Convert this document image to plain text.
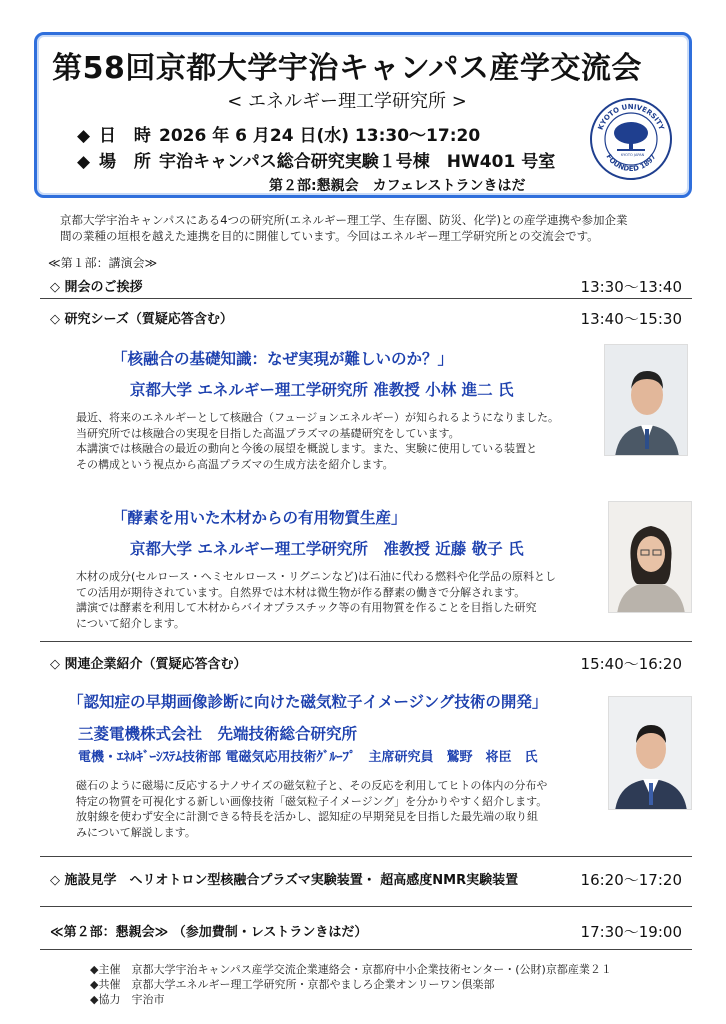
第58回京都大学宇治キャンパス産学交流会
< エネルギー理工学研究所 >
◆ 日 時 2026 年 6 月24 日(水) 13:30～17:20
◆ 場 所 宇治キャンパス総合研究実験１号棟　HW401 号室
第２部:懇親会　カフェレストランきはだ
KYOTO UNIVERSITY
FOUNDED 1897
KYOTO JAPAN
京都大学宇治キャンパスにある4つの研究所(エネルギー理工学、生存圏、防災、化学)との産学連携や参加企業
間の業種の垣根を越えた連携を目的に開催しています。今回はエネルギー理工学研究所との交流会です。
≪第１部：講演会≫
◇ 開会のご挨拶	13:30～13:40
◇ 研究シーズ（質疑応答含む）	13:40～15:30
「核融合の基礎知識：なぜ実現が難しいのか？」
京都大学 エネルギー理工学研究所 准教授 小林 進二 氏
最近、将来のエネルギーとして核融合（フュージョンエネルギー）が知られるようになりました。
当研究所では核融合の実現を目指した高温プラズマの基礎研究をしています。
本講演では核融合の最近の動向と今後の展望を概説します。また、実験に使用している装置と
その構成という視点から高温プラズマの生成方法を紹介します。
「酵素を用いた木材からの有用物質生産」
京都大学 エネルギー理工学研究所　准教授 近藤 敬子 氏
木材の成分(セルロース・ヘミセルロース・リグニンなど)は石油に代わる燃料や化学品の原料とし
ての活用が期待されています。自然界では木材は微生物が作る酵素の働きで分解されます。
講演では酵素を利用して木材からバイオプラスチック等の有用物質を作ることを目指した研究
について紹介します。
◇ 関連企業紹介（質疑応答含む）	15:40～16:20
「認知症の早期画像診断に向けた磁気粒子イメージング技術の開発」
三菱電機株式会社　先端技術総合研究所
電機・ｴﾈﾙｷﾞｰｼｽﾃﾑ技術部 電磁気応用技術ｸﾞﾙｰﾌﾟ　主席研究員　鷲野　将臣　氏
磁石のように磁場に反応するナノサイズの磁気粒子と、その反応を利用してヒトの体内の分布や
特定の物質を可視化する新しい画像技術「磁気粒子イメージング」を分かりやすく紹介します。
放射線を使わず安全に計測できる特長を活かし、認知症の早期発見を目指した最先端の取り組
みについて解説します。
◇ 施設見学　ヘリオトロン型核融合プラズマ実験装置・ 超高感度NMR実験装置	16:20～17:20
≪第２部：懇親会≫ （参加費制・レストランきはだ）	17:30～19:00
◆主催　京都大学宇治キャンパス産学交流企業連絡会・京都府中小企業技術センター・(公財)京都産業２１
◆共催　京都大学エネルギー理工学研究所・京都やましろ企業オンリーワン倶楽部
◆協力　宇治市
